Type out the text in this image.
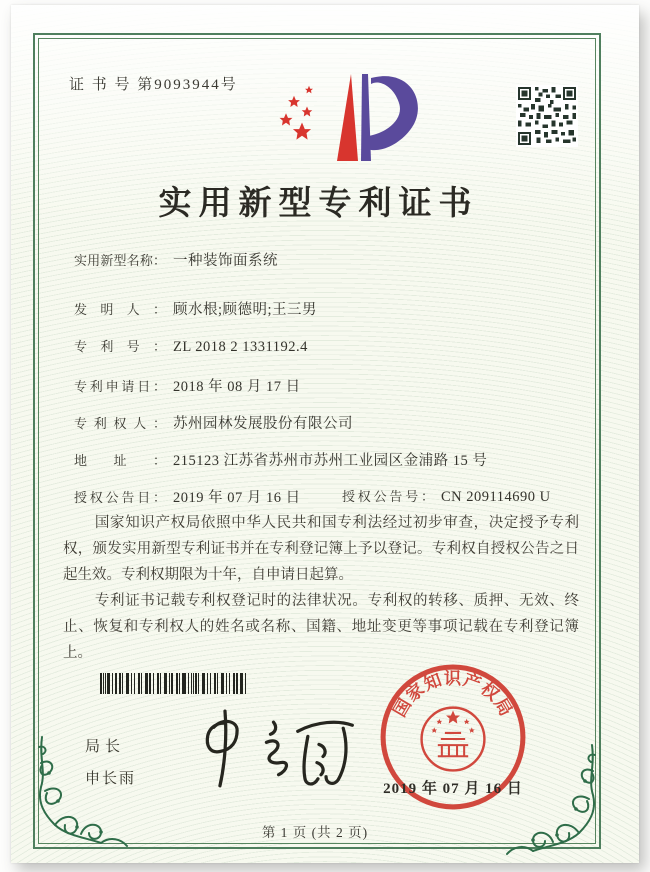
证 书 号 第9093944号
实用新型专利证书
实用新型名称： 一种装饰面系统
发明人： 顾水根;顾德明;王三男
专利号： ZL 2018 2 1331192.4
专利申请日： 2018 年 08 月 17 日
专利权人： 苏州园林发展股份有限公司
地址： 215123 江苏省苏州市苏州工业园区金浦路 15 号
授权公告日： 2019 年 07 月 16 日	授权公告号： CN 209114690 U

国家知识产权局依照中华人民共和国专利法经过初步审查，决定授予专利权，颁发实用新型专利证书并在专利登记簿上予以登记。专利权自授权公告之日起生效。专利权期限为十年，自申请日起算。

专利证书记载专利权登记时的法律状况。专利权的转移、质押、无效、终止、恢复和专利权人的姓名或名称、国籍、地址变更等事项记载在专利登记簿上。

国家知识产权局
2019 年 07 月 16 日
局长
申长雨
第 1 页 (共 2 页)
